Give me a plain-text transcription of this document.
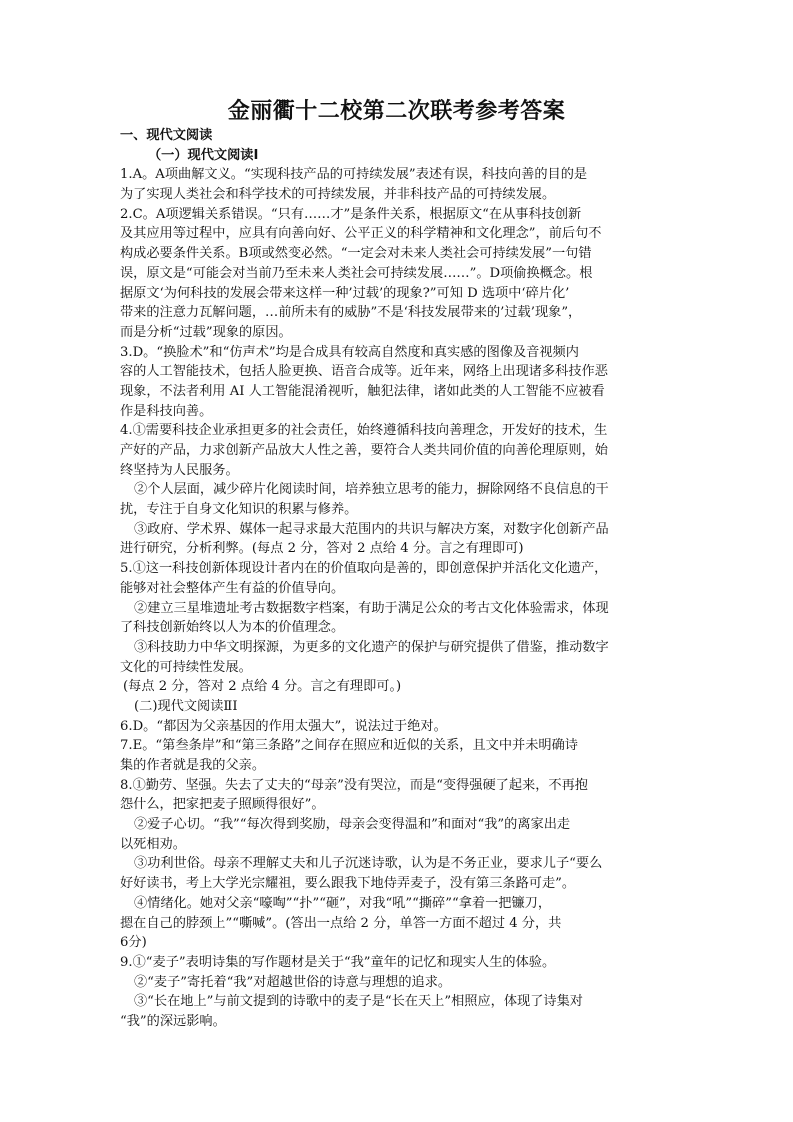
金丽衢十二校第二次联考参考答案
一、现代文阅读
（一）现代文阅读Ⅰ
1.A。A项曲解文义。“实现科技产品的可持续发展”表述有误，科技向善的目的是
为了实现人类社会和科学技术的可持续发展，并非科技产品的可持续发展。
2.C。A项逻辑关系错误。“只有……才”是条件关系，根据原文“在从事科技创新
及其应用等过程中，应具有向善向好、公平正义的科学精神和文化理念”，前后句不
构成必要条件关系。B项或然变必然。“一定会对未来人类社会可持续发展”一句错
误，原文是“可能会对当前乃至未来人类社会可持续发展……”。D项偷换概念。根
据原文‘为何科技的发展会带来这样一种’过载’的现象?”可知 D 选项中‘碎片化’
带来的注意力瓦解问题，…前所未有的威胁”不是‘科技发展带来的’过载’现象”，
而是分析“过载”现象的原因。
3.D。“换脸术”和“仿声术”均是合成具有较高自然度和真实感的图像及音视频内
容的人工智能技术，包括人脸更换、语音合成等。近年来，网络上出现诸多科技作恶
现象，不法者利用 AI 人工智能混淆视听，触犯法律，诸如此类的人工智能不应被看
作是科技向善。
4.①需要科技企业承担更多的社会责任，始终遵循科技向善理念，开发好的技术，生
产好的产品，力求创新产品放大人性之善，要符合人类共同价值的向善伦理原则，始
终坚持为人民服务。
②个人层面，减少碎片化阅读时间，培养独立思考的能力，摒除网络不良信息的干
扰，专注于自身文化知识的积累与修养。
③政府、学术界、媒体一起寻求最大范围内的共识与解决方案，对数字化创新产品
进行研究，分析利弊。(每点 2 分，答对 2 点给 4 分。言之有理即可)
5.①这一科技创新体现设计者内在的价值取向是善的，即创意保护并活化文化遗产，
能够对社会整体产生有益的价值导向。
②建立三星堆遗址考古数据数字档案，有助于满足公众的考古文化体验需求，体现
了科技创新始终以人为本的价值理念。
③科技助力中华文明探源，为更多的文化遗产的保护与研究提供了借鉴，推动数字
文化的可持续性发展。
(每点 2 分，答对 2 点给 4 分。言之有理即可。)
(二)现代文阅读ⅡⅠ
6.D。“都因为父亲基因的作用太强大”，说法过于绝对。
7.E。“第叁条岸”和“第三条路”之间存在照应和近似的关系，且文中并未明确诗
集的作者就是我的父亲。
8.①勤劳、坚强。失去了丈夫的“母亲”没有哭泣，而是“变得强硬了起来，不再抱
怨什么，把家把麦子照顾得很好”。
②爱子心切。“我”“每次得到奖励，母亲会变得温和”和面对“我”的离家出走
以死相劝。
③功利世俗。母亲不理解丈夫和儿子沉迷诗歌，认为是不务正业，要求儿子“要么
好好读书，考上大学光宗耀祖，要么跟我下地侍弄麦子，没有第三条路可走”。
④情绪化。她对父亲“嚎啕”“扑”“砸”，对我“吼”“撕碎”“拿着一把镰刀，
摁在自己的脖颈上”“嘶喊”。(答出一点给 2 分，单答一方面不超过 4 分，共
6分)
9.①“麦子”表明诗集的写作题材是关于“我”童年的记忆和现实人生的体验。
②“麦子”寄托着“我”对超越世俗的诗意与理想的追求。
③“长在地上”与前文提到的诗歌中的麦子是“长在天上”相照应，体现了诗集对
“我”的深远影响。
